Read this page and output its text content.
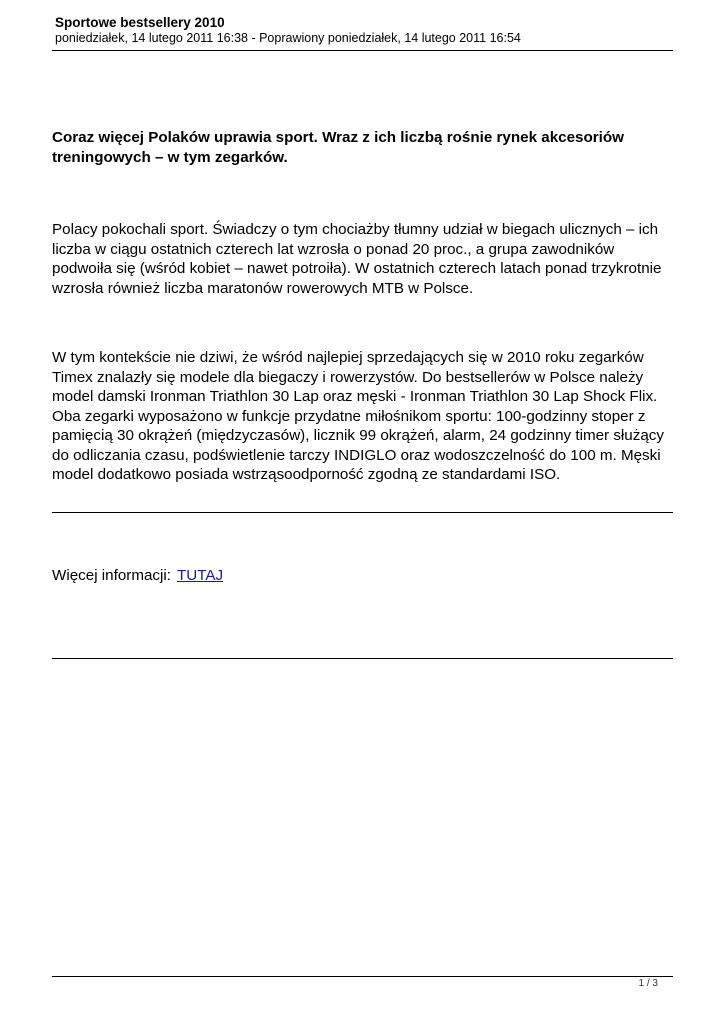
Sportowe bestsellery 2010
poniedziałek, 14 lutego 2011 16:38 - Poprawiony poniedziałek, 14 lutego 2011 16:54
Coraz więcej Polaków uprawia sport. Wraz z ich liczbą rośnie rynek akcesoriów treningowych – w tym zegarków.
Polacy pokochali sport. Świadczy o tym chociażby tłumny udział w biegach ulicznych – ich liczba w ciągu ostatnich czterech lat wzrosła o ponad 20 proc., a grupa zawodników podwoiła się (wśród kobiet – nawet potroiła). W ostatnich czterech latach ponad trzykrotnie wzrosła również liczba maratonów rowerowych MTB w Polsce.
W tym kontekście nie dziwi, że wśród najlepiej sprzedających się w 2010 roku zegarków Timex znalazły się modele dla biegaczy i rowerzystów. Do bestsellerów w Polsce należy model damski Ironman Triathlon 30 Lap oraz męski - Ironman Triathlon 30 Lap Shock Flix. Oba zegarki wyposażono w funkcje przydatne miłośnikom sportu: 100-godzinny stoper z pamięcią 30 okrążeń (międzyczasów), licznik 99 okrążeń, alarm, 24 godzinny timer służący do odliczania czasu, podświetlenie tarczy INDIGLO oraz wodoszczelność do 100 m. Męski model dodatkowo posiada wstrząsoodporność zgodną ze standardami ISO.
Więcej informacji: TUTAJ
1 / 3
